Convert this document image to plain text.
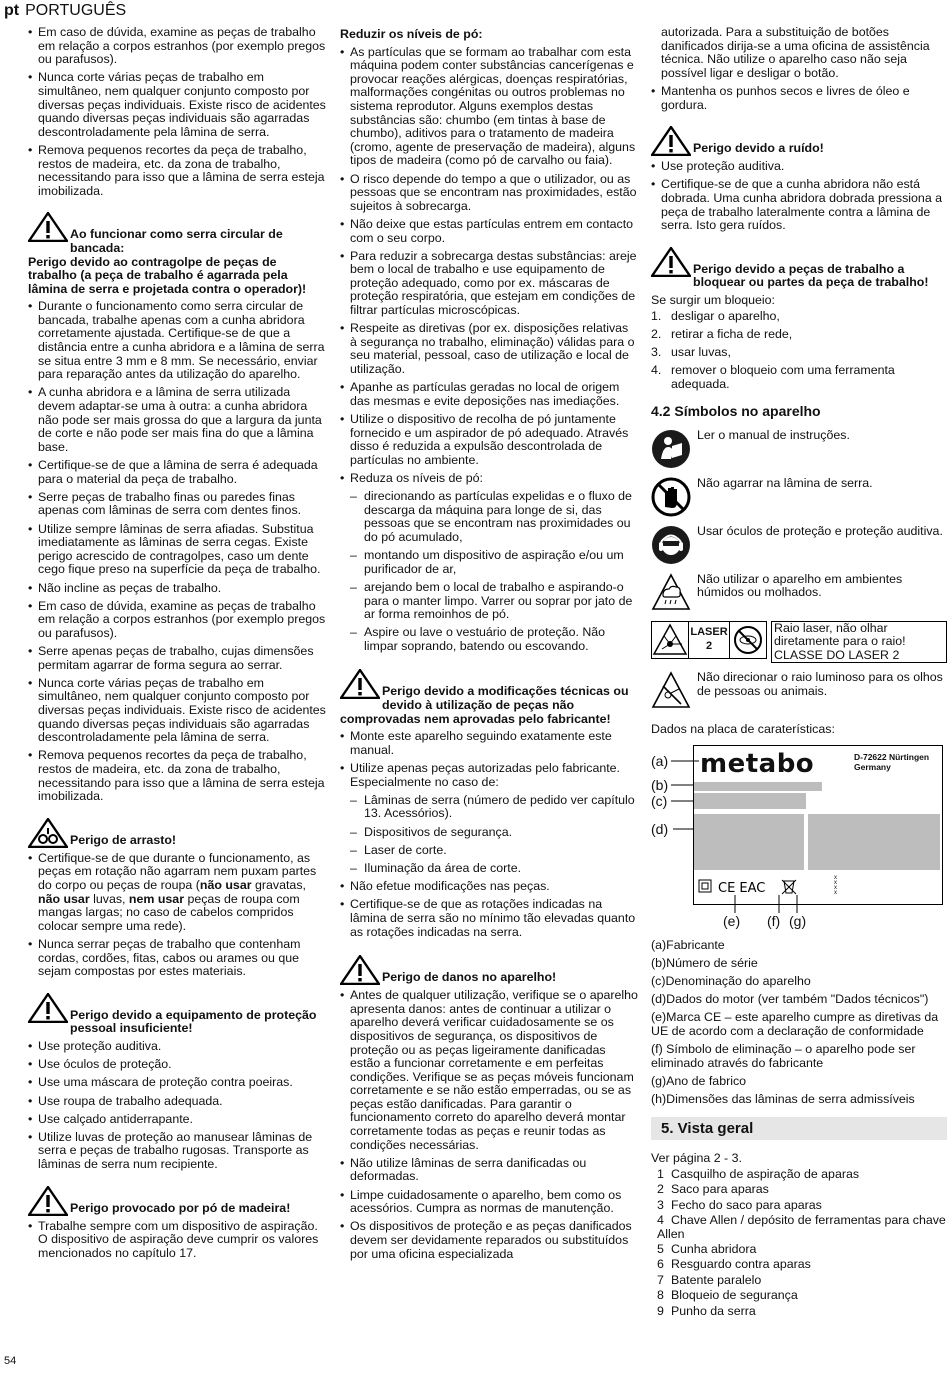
pt PORTUGUÊS
• Em caso de dúvida, examine as peças de trabalho em relação a corpos estranhos (por exemplo pregos ou parafusos).
• Nunca corte várias peças de trabalho em simultâneo, nem qualquer conjunto composto por diversas peças individuais. Existe risco de acidentes quando diversas peças individuais são agarradas descontroladamente pela lâmina de serra.
• Remova pequenos recortes da peça de trabalho, restos de madeira, etc. da zona de trabalho, necessitando para isso que a lâmina de serra esteja imobilizada.
Ao funcionar como serra circular de bancada:
Perigo devido ao contragolpe de peças de trabalho (a peça de trabalho é agarrada pela lâmina de serra e projetada contra o operador)!
• Durante o funcionamento como serra circular de bancada, trabalhe apenas com a cunha abridora corretamente ajustada. Certifique-se de que a distância entre a cunha abridora e a lâmina de serra se situa entre 3 mm e 8 mm. Se necessário, enviar para reparação antes da utilização do aparelho.
• A cunha abridora e a lâmina de serra utilizada devem adaptar-se uma à outra: a cunha abridora não pode ser mais grossa do que a largura da junta de corte e não pode ser mais fina do que a lâmina base.
• Certifique-se de que a lâmina de serra é adequada para o material da peça de trabalho.
• Serre peças de trabalho finas ou paredes finas apenas com lâminas de serra com dentes finos.
• Utilize sempre lâminas de serra afiadas. Substitua imediatamente as lâminas de serra cegas. Existe perigo acrescido de contragolpes, caso um dente cego fique preso na superfície da peça de trabalho.
• Não incline as peças de trabalho.
• Em caso de dúvida, examine as peças de trabalho em relação a corpos estranhos (por exemplo pregos ou parafusos).
• Serre apenas peças de trabalho, cujas dimensões permitam agarrar de forma segura ao serrar.
• Nunca corte várias peças de trabalho em simultâneo, nem qualquer conjunto composto por diversas peças individuais. Existe risco de acidentes quando diversas peças individuais são agarradas descontroladamente pela lâmina de serra.
• Remova pequenos recortes da peça de trabalho, restos de madeira, etc. da zona de trabalho, necessitando para isso que a lâmina de serra esteja imobilizada.
Perigo de arrasto!
• Certifique-se de que durante o funcionamento, as peças em rotação não agarram nem puxam partes do corpo ou peças de roupa (não usar gravatas, não usar luvas, nem usar peças de roupa com mangas largas; no caso de cabelos compridos colocar sempre uma rede).
• Nunca serrar peças de trabalho que contenham cordas, cordões, fitas, cabos ou arames ou que sejam compostas por estes materiais.
Perigo devido a equipamento de proteção pessoal insuficiente!
• Use proteção auditiva.
• Use óculos de proteção.
• Use uma máscara de proteção contra poeiras.
• Use roupa de trabalho adequada.
• Use calçado antiderrapante.
• Utilize luvas de proteção ao manusear lâminas de serra e peças de trabalho rugosas. Transporte as lâminas de serra num recipiente.
Perigo provocado por pó de madeira!
• Trabalhe sempre com um dispositivo de aspiração. O dispositivo de aspiração deve cumprir os valores mencionados no capítulo 17.
Reduzir os níveis de pó:
• As partículas que se formam ao trabalhar com esta máquina podem conter substâncias cancerígenas e provocar reações alérgicas, doenças respiratórias, malformações congénitas ou outros problemas no sistema reprodutor. Alguns exemplos destas substâncias são: chumbo (em tintas à base de chumbo), aditivos para o tratamento de madeira (cromo, agente de preservação de madeira), alguns tipos de madeira (como pó de carvalho ou faia).
• O risco depende do tempo a que o utilizador, ou as pessoas que se encontram nas proximidades, estão sujeitos à sobrecarga.
• Não deixe que estas partículas entrem em contacto com o seu corpo.
• Para reduzir a sobrecarga destas substâncias: areje bem o local de trabalho e use equipamento de proteção adequado, como por ex. máscaras de proteção respiratória, que estejam em condições de filtrar partículas microscópicas.
• Respeite as diretivas (por ex. disposições relativas à segurança no trabalho, eliminação) válidas para o seu material, pessoal, caso de utilização e local de utilização.
• Apanhe as partículas geradas no local de origem das mesmas e evite deposições nas imediações.
• Utilize o dispositivo de recolha de pó juntamente fornecido e um aspirador de pó adequado. Através disso é reduzida a expulsão descontrolada de partículas no ambiente.
• Reduza os níveis de pó:
– direcionando as partículas expelidas e o fluxo de descarga da máquina para longe de si, das pessoas que se encontram nas proximidades ou do pó acumulado,
– montando um dispositivo de aspiração e/ou um purificador de ar,
– arejando bem o local de trabalho e aspirando-o para o manter limpo. Varrer ou soprar por jato de ar forma remoinhos de pó.
– Aspire ou lave o vestuário de proteção. Não limpar soprando, batendo ou escovando.
Perigo devido a modificações técnicas ou devido à utilização de peças não comprovadas nem aprovadas pelo fabricante!
• Monte este aparelho seguindo exatamente este manual.
• Utilize apenas peças autorizadas pelo fabricante. Especialmente no caso de:
– Lâminas de serra (número de pedido ver capítulo 13. Acessórios).
– Dispositivos de segurança.
– Laser de corte.
– Iluminação da área de corte.
• Não efetue modificações nas peças.
• Certifique-se de que as rotações indicadas na lâmina de serra são no mínimo tão elevadas quanto as rotações indicadas na serra.
Perigo de danos no aparelho!
• Antes de qualquer utilização, verifique se o aparelho apresenta danos: antes de continuar a utilizar o aparelho deverá verificar cuidadosamente se os dispositivos de segurança, os dispositivos de proteção ou as peças ligeiramente danificadas estão a funcionar corretamente e em perfeitas condições. Verifique se as peças móveis funcionam corretamente e se não estão emperradas, ou se as peças estão danificadas. Para garantir o funcionamento correto do aparelho deverá montar corretamente todas as peças e reunir todas as condições necessárias.
• Não utilize lâminas de serra danificadas ou deformadas.
• Limpe cuidadosamente o aparelho, bem como os acessórios. Cumpra as normas de manutenção.
• Os dispositivos de proteção e as peças danificados devem ser devidamente reparados ou substituídos por uma oficina especializada
autorizada. Para a substituição de botões danificados dirija-se a uma oficina de assistência técnica. Não utilize o aparelho caso não seja possível ligar e desligar o botão.
• Mantenha os punhos secos e livres de óleo e gordura.
Perigo devido a ruído!
• Use proteção auditiva.
• Certifique-se de que a cunha abridora não está dobrada. Uma cunha abridora dobrada pressiona a peça de trabalho lateralmente contra a lâmina de serra. Isto gera ruídos.
Perigo devido a peças de trabalho a bloquear ou partes da peça de trabalho!
Se surgir um bloqueio:
1. desligar o aparelho,
2. retirar a ficha de rede,
3. usar luvas,
4. remover o bloqueio com uma ferramenta adequada.
4.2 Símbolos no aparelho
Ler o manual de instruções.
Não agarrar na lâmina de serra.
Usar óculos de proteção e proteção auditiva.
Não utilizar o aparelho em ambientes húmidos ou molhados.
LASER
2
Raio laser, não olhar diretamente para o raio! CLASSE DO LASER 2
Não direcionar o raio luminoso para os olhos de pessoas ou animais.
Dados na placa de caraterísticas:
metabo	D-72622 Nürtingen
Germany
CE EAC
x
x
x
x
(a)
(b)
(c)
(d)
(e) (f) (g)
(a)Fabricante
(b)Número de série
(c)Denominação do aparelho
(d)Dados do motor (ver também "Dados técnicos")
(e)Marca CE – este aparelho cumpre as diretivas da UE de acordo com a declaração de conformidade
(f) Símbolo de eliminação – o aparelho pode ser eliminado através do fabricante
(g)Ano de fabrico
(h)Dimensões das lâminas de serra admissíveis
5. Vista geral
Ver página 2 - 3.
1 Casquilho de aspiração de aparas
2 Saco para aparas
3 Fecho do saco para aparas
4 Chave Allen / depósito de ferramentas para chave Allen
5 Cunha abridora
6 Resguardo contra aparas
7 Batente paralelo
8 Bloqueio de segurança
9 Punho da serra
54
